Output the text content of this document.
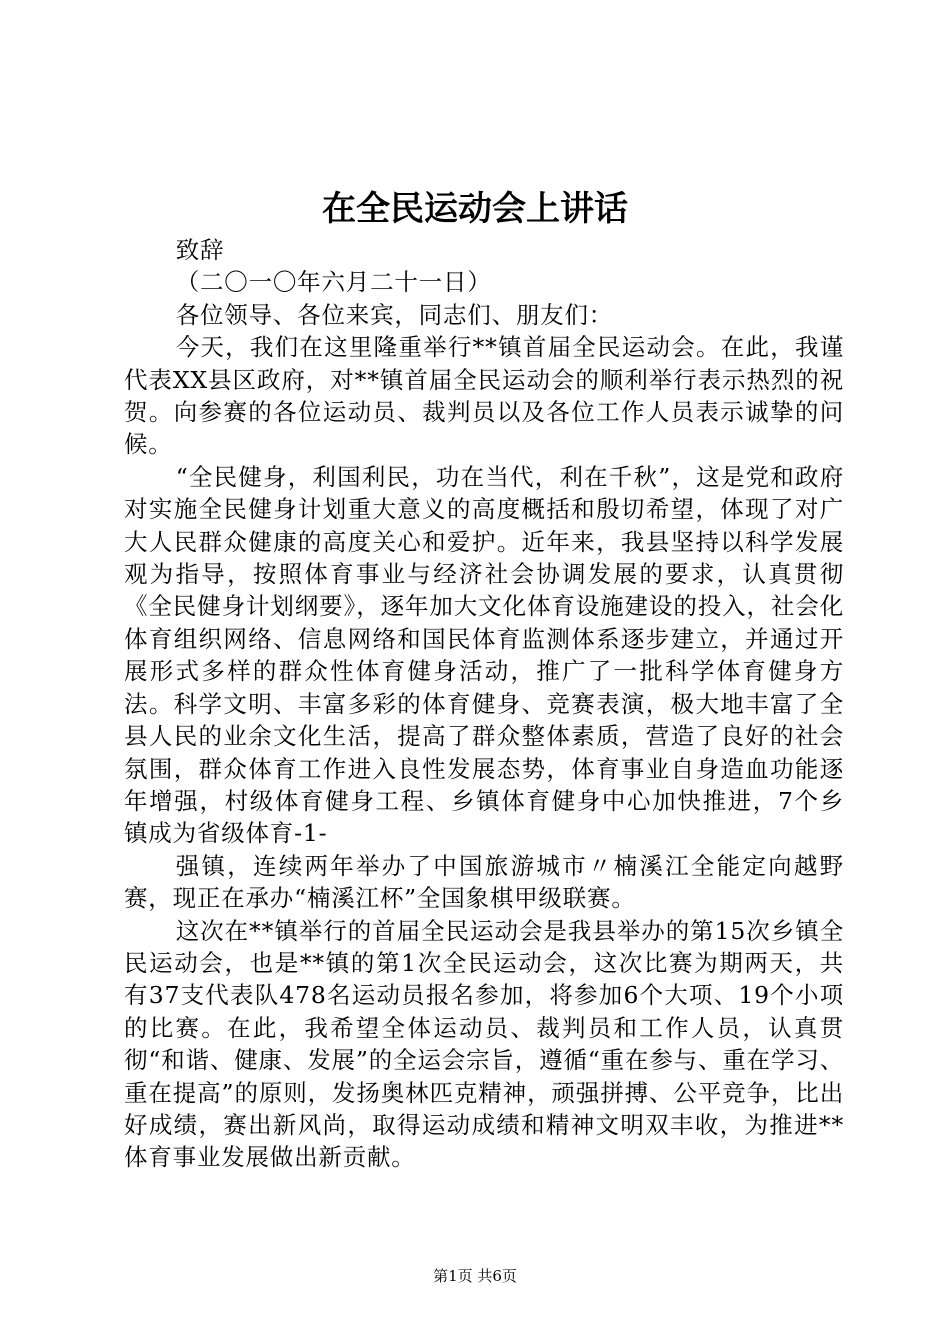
在全民运动会上讲话

致辞

（二〇一〇年六月二十一日）

各位领导、各位来宾，同志们、朋友们：

今天，我们在这里隆重举行**镇首届全民运动会。在此，我谨代表XX县区政府，对**镇首届全民运动会的顺利举行表示热烈的祝贺。向参赛的各位运动员、裁判员以及各位工作人员表示诚挚的问候。

“全民健身，利国利民，功在当代，利在千秋”，这是党和政府对实施全民健身计划重大意义的高度概括和殷切希望，体现了对广大人民群众健康的高度关心和爱护。近年来，我县坚持以科学发展观为指导，按照体育事业与经济社会协调发展的要求，认真贯彻《全民健身计划纲要》，逐年加大文化体育设施建设的投入，社会化体育组织网络、信息网络和国民体育监测体系逐步建立，并通过开展形式多样的群众性体育健身活动，推广了一批科学体育健身方法。科学文明、丰富多彩的体育健身、竞赛表演，极大地丰富了全县人民的业余文化生活，提高了群众整体素质，营造了良好的社会氛围，群众体育工作进入良性发展态势，体育事业自身造血功能逐年增强，村级体育健身工程、乡镇体育健身中心加快推进，7个乡镇成为省级体育-1-

强镇，连续两年举办了中国旅游城市〃楠溪江全能定向越野赛，现正在承办“楠溪江杯”全国象棋甲级联赛。

这次在**镇举行的首届全民运动会是我县举办的第15次乡镇全民运动会，也是**镇的第1次全民运动会，这次比赛为期两天，共有37支代表队478名运动员报名参加，将参加6个大项、19个小项的比赛。在此，我希望全体运动员、裁判员和工作人员，认真贯彻“和谐、健康、发展”的全运会宗旨，遵循“重在参与、重在学习、重在提高”的原则，发扬奥林匹克精神，顽强拼搏、公平竞争，比出好成绩，赛出新风尚，取得运动成绩和精神文明双丰收，为推进**体育事业发展做出新贡献。

第1页 共6页
